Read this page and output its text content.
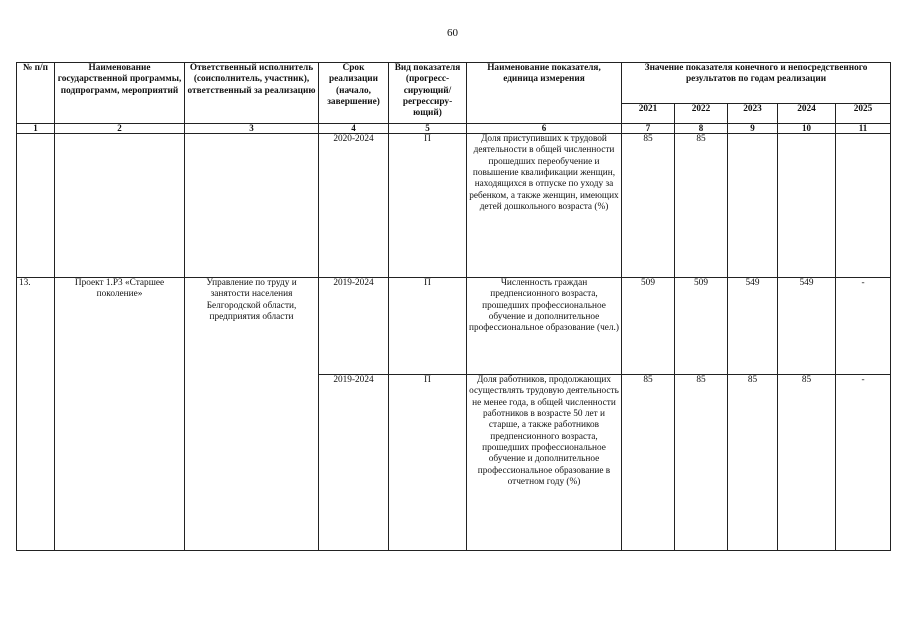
60
№ п/п	Наименование государственной программы, подпрограмм, мероприятий	Ответственный исполнитель (соисполнитель, участник), ответственный за реализацию	Срок реализации (начало, завершение)	Вид показателя (прогресс-сирующий/ регрессиру-ющий)	Наименование показателя, единица измерения	Значение показателя конечного и непосредственного результатов по годам реализации				
						2021	2022	2023	2024	2025
1	2	3	4	5	6	7	8	9	10	11
			2020-2024	П	Доля приступивших к трудовой деятельности в общей численности прошедших переобучение и повышение квалификации женщин, находящихся в отпуске по уходу за ребенком, а также женщин, имеющих детей дошкольного возраста (%)	85	85			
13.	Проект 1.Р3 «Старшее поколение»	Управление по труду и занятости населения Белгородской области, предприятия области	2019-2024	П	Численность граждан предпенсионного возраста, прошедших профессиональное обучение и дополнительное профессиональное образование (чел.)	509	509	549	549	-
			2019-2024	П	Доля работников, продолжающих осуществлять трудовую деятельность не менее года, в общей численности работников в возрасте 50 лет и старше, а также работников предпенсионного возраста, прошедших профессиональное обучение и дополнительное профессиональное образование в отчетном году (%)	85	85	85	85	-
